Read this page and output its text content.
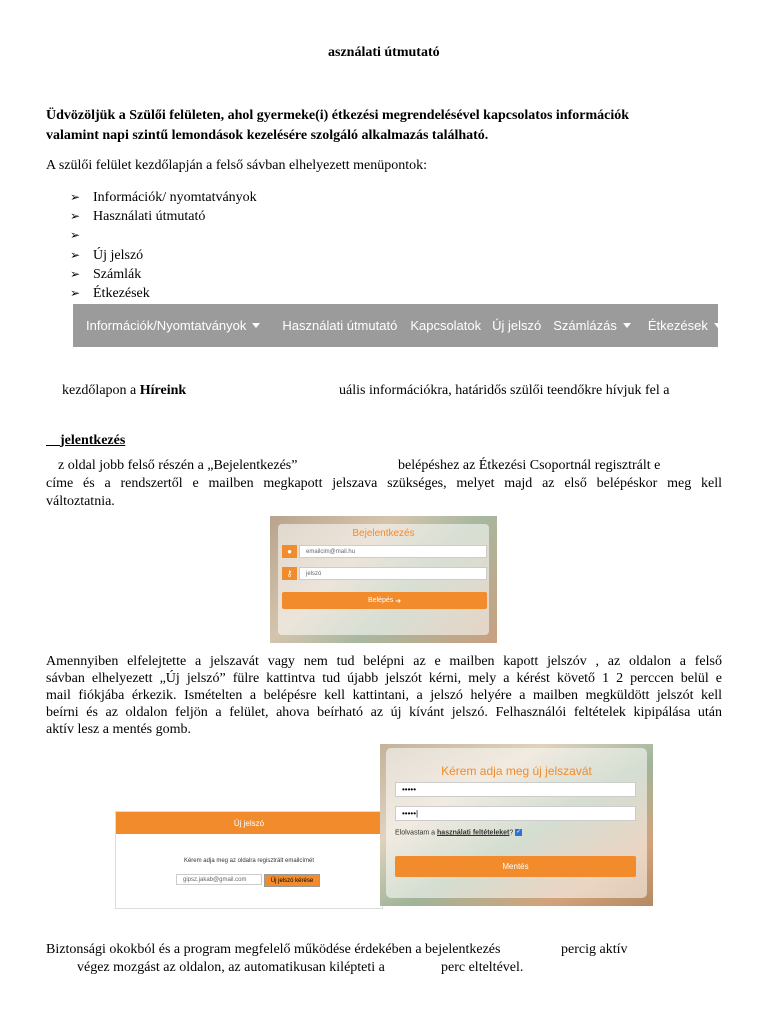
asználati útmutató
Üdvözöljük a Szülői felületen, ahol gyermeke(i) étkezési megrendelésével kapcsolatos információk
valamint napi szintű lemondások kezelésére szolgáló alkalmazás található.
A szülői felület kezdőlapján a felső sávban elhelyezett menüpontok:
➢ Információk/ nyomtatványok
➢ Használati útmutató
➢
➢ Új jelszó
➢ Számlák
➢ Étkezések
Információk/Nyomtatványok	Használati útmutató Kapcsolatok Új jelszó Számlázás Étkezések
kezdőlapon a Híreink	uális információkra, határidős szülői teendőkre hívjuk fel a
jelentkezés
z oldal jobb felső részén a „Bejelentkezés”	belépéshez az Étkezési Csoportnál regisztrált e
címe és a rendszertől e mailben megkapott jelszava szükséges, melyet majd az első belépéskor meg kell
változtatnia.
Bejelentkezés
●	emailcim@mail.hu
⚷	jelszó
Belépés
➜
Amennyiben elfelejtette a jelszavát vagy nem tud belépni az e mailben kapott jelszóv , az oldalon a felső
sávban elhelyezett „Új jelszó” fülre kattintva tud újabb jelszót kérni, mely a kérést követő 1 2 perccen belül e
mail fiókjába érkezik. Ismételten a belépésre kell kattintani, a jelszó helyére a mailben megküldött jelszót kell
beírni és az oldalon feljön a felület, ahova beírható az új kívánt jelszó. Felhasználói feltételek kipipálása után
aktív lesz a mentés gomb.
Új jelszó
Kérem adja meg az oldalra regisztrált emailcímét
gipsz.jakab@gmail.com	Új jelszó kérése
Kérem adja meg új jelszavát
•••••
•••••|
Elolvastam a használati feltételeket? ✓
Mentés
Biztonsági okokból és a program megfelelő működése érdekében a bejelentkezés	percig aktív
végez mozgást az oldalon, az automatikusan kilépteti a	perc elteltével.
